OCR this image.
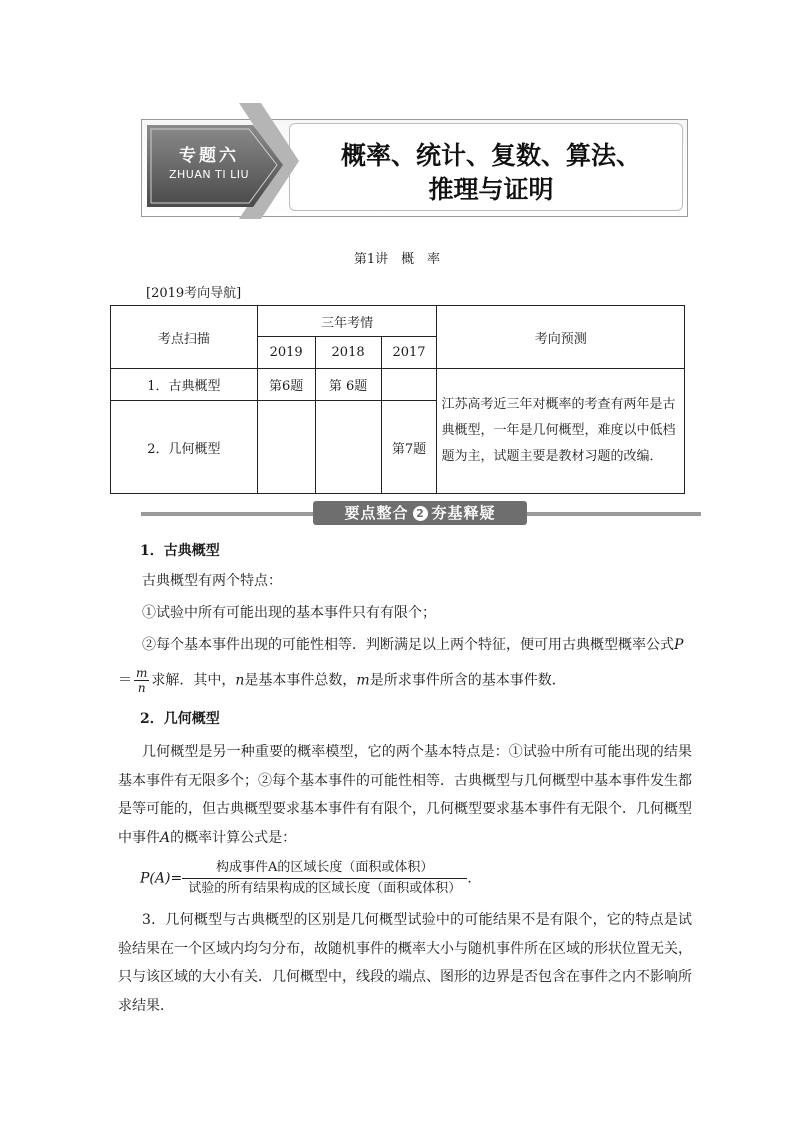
专题六
ZHUAN TI LIU
概率、统计、复数、算法、
推理与证明
第1讲　概　率
[2019考向导航]
考点扫描	三年考情			考向预测
	2019	2018	2017	
1．古典概型	第6题	第 6题		江苏高考近三年对概率的考查有两年是古典概型，一年是几何概型，难度以中低档题为主，试题主要是教材习题的改编．
2．几何概型			第7题	
要点整合 2 夯基释疑
1．古典概型
古典概型有两个特点：
①试验中所有可能出现的基本事件只有有限个；
②每个基本事件出现的可能性相等．判断满足以上两个特征，便可用古典概型概率公式P
＝ $\frac{m}{n}$ 求解．其中，n是基本事件总数，m是所求事件所含的基本事件数．
2．几何概型
几何概型是另一种重要的概率模型，它的两个基本特点是：①试验中所有可能出现的结果基本事件有无限多个；②每个基本事件的可能性相等．古典概型与几何概型中基本事件发生都是等可能的，但古典概型要求基本事件有有限个，几何概型要求基本事件有无限个．几何概型中事件A的概率计算公式是：
$P(A)= \frac{\text{构成事件A的区域长度（面积或体积）}}{\text{试验的所有结果构成的区域长度（面积或体积）}}$ .
3．几何概型与古典概型的区别是几何概型试验中的可能结果不是有限个，它的特点是试验结果在一个区域内均匀分布，故随机事件的概率大小与随机事件所在区域的形状位置无关，只与该区域的大小有关．几何概型中，线段的端点、图形的边界是否包含在事件之内不影响所求结果．
